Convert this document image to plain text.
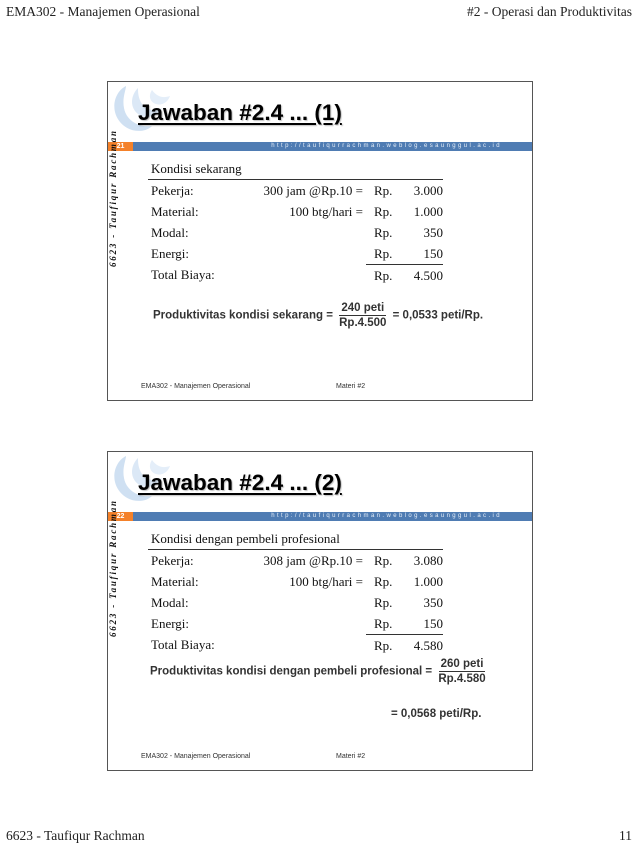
EMA302 - Manajemen Operasional	#2 - Operasi dan Produktivitas
Jawaban #2.4 ... (1)
21	http://taufiqurrachman.weblog.esaunggul.ac.id
6623 - Taufiqur Rachman	Kondisi sekarang
Pekerja:	300 jam @Rp.10 =	Rp.	3.000
Material:	100 btg/hari =	Rp.	1.000
Modal:		Rp.	350
Energi:		Rp.	150
Total Biaya:		Rp.	4.500
Produktivitas kondisi sekarang = $\frac{\text{240 peti}}{Rp.4.500} = 0,0533$ peti/Rp.
EMA302 - Manajemen Operasional	Materi #2
Jawaban #2.4 ... (2)
22	http://taufiqurrachman.weblog.esaunggul.ac.id
6623 - Taufiqur Rachman	Kondisi dengan pembeli profesional
Pekerja:	308 jam @Rp.10 =	Rp.	3.080
Material:	100 btg/hari =	Rp.	1.000
Modal:		Rp.	350
Energi:		Rp.	150
Total Biaya:		Rp.	4.580
Produktivitas kondisi dengan pembeli profesional = $\frac{\text{260 peti}}{Rp.4.580}$
= 0,0568 peti/Rp.
EMA302 - Manajemen Operasional	Materi #2
6623 - Taufiqur Rachman	11
